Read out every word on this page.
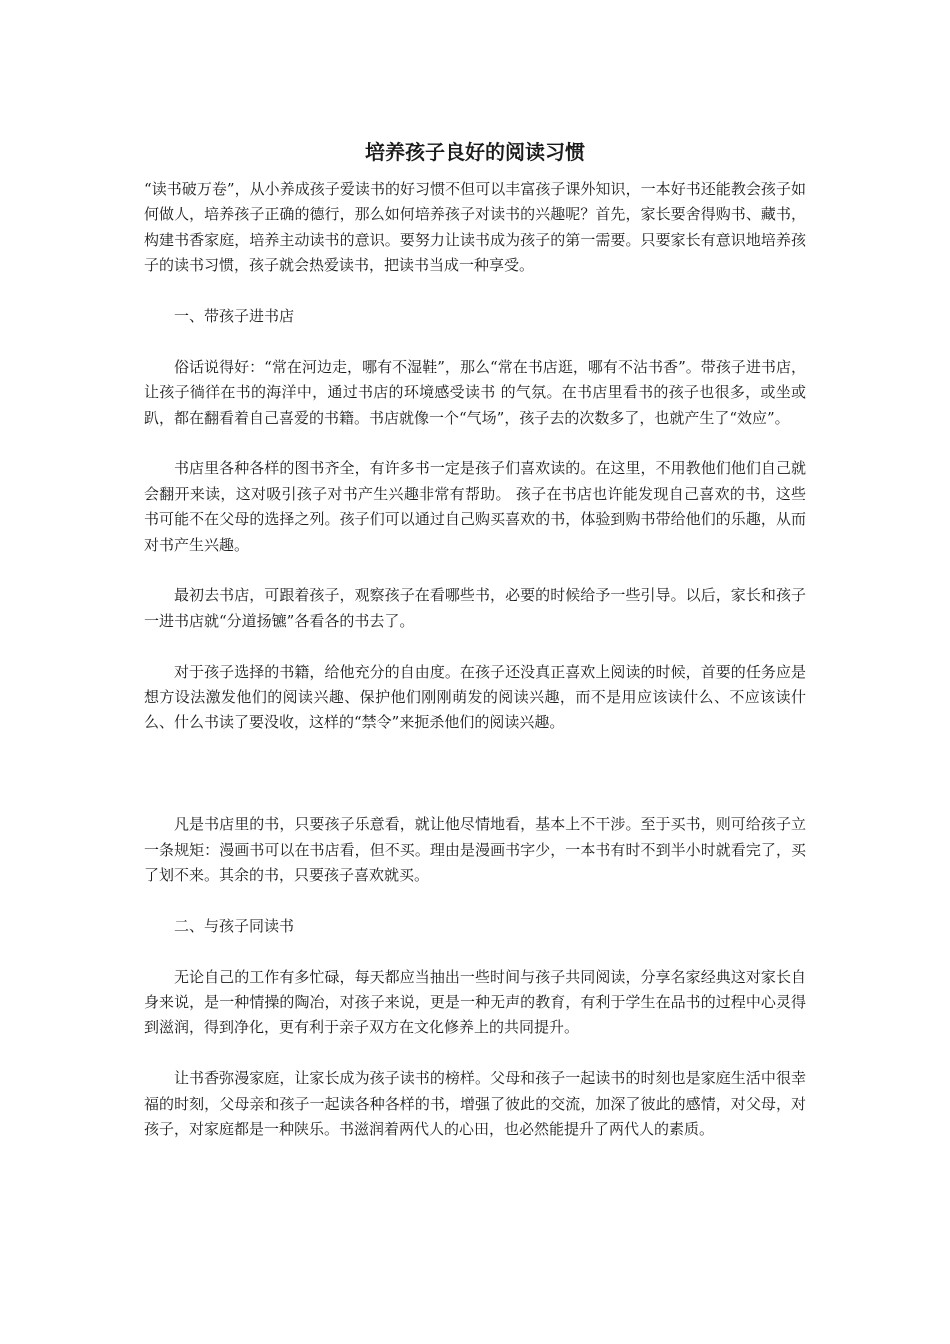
培养孩子良好的阅读习惯

“读书破万卷”，从小养成孩子爱读书的好习惯不但可以丰富孩子课外知识，一本好书还能教会孩子如何做人，培养孩子正确的德行，那么如何培养孩子对读书的兴趣呢？首先，家长要舍得购书、藏书，构建书香家庭，培养主动读书的意识。要努力让读书成为孩子的第一需要。只要家长有意识地培养孩子的读书习惯，孩子就会热爱读书，把读书当成一种享受。

一、带孩子进书店

俗话说得好：“常在河边走，哪有不湿鞋”，那么“常在书店逛，哪有不沾书香”。带孩子进书店，让孩子徜徉在书的海洋中，通过书店的环境感受读书 的气氛。在书店里看书的孩子也很多，或坐或趴，都在翻看着自己喜爱的书籍。书店就像一个“气场”，孩子去的次数多了，也就产生了“效应”。

书店里各种各样的图书齐全，有许多书一定是孩子们喜欢读的。在这里，不用教他们他们自己就会翻开来读，这对吸引孩子对书产生兴趣非常有帮助。 孩子在书店也许能发现自己喜欢的书，这些书可能不在父母的选择之列。孩子们可以通过自己购买喜欢的书，体验到购书带给他们的乐趣，从而对书产生兴趣。

最初去书店，可跟着孩子，观察孩子在看哪些书，必要的时候给予一些引导。以后，家长和孩子一进书店就“分道扬镳”各看各的书去了。

对于孩子选择的书籍，给他充分的自由度。在孩子还没真正喜欢上阅读的时候，首要的任务应是想方设法激发他们的阅读兴趣、保护他们刚刚萌发的阅读兴趣，而不是用应该读什么、不应该读什么、什么书读了要没收，这样的“禁令”来扼杀他们的阅读兴趣。

凡是书店里的书，只要孩子乐意看，就让他尽情地看，基本上不干涉。至于买书，则可给孩子立一条规矩：漫画书可以在书店看，但不买。理由是漫画书字少，一本书有时不到半小时就看完了，买了划不来。其余的书，只要孩子喜欢就买。

二、与孩子同读书

无论自己的工作有多忙碌，每天都应当抽出一些时间与孩子共同阅读，分享名家经典这对家长自身来说，是一种情操的陶冶，对孩子来说，更是一种无声的教育，有利于学生在品书的过程中心灵得到滋润，得到净化，更有利于亲子双方在文化修养上的共同提升。

让书香弥漫家庭，让家长成为孩子读书的榜样。父母和孩子一起读书的时刻也是家庭生活中很幸福的时刻，父母亲和孩子一起读各种各样的书，增强了彼此的交流，加深了彼此的感情，对父母，对孩子，对家庭都是一种陕乐。书滋润着两代人的心田，也必然能提升了两代人的素质。
